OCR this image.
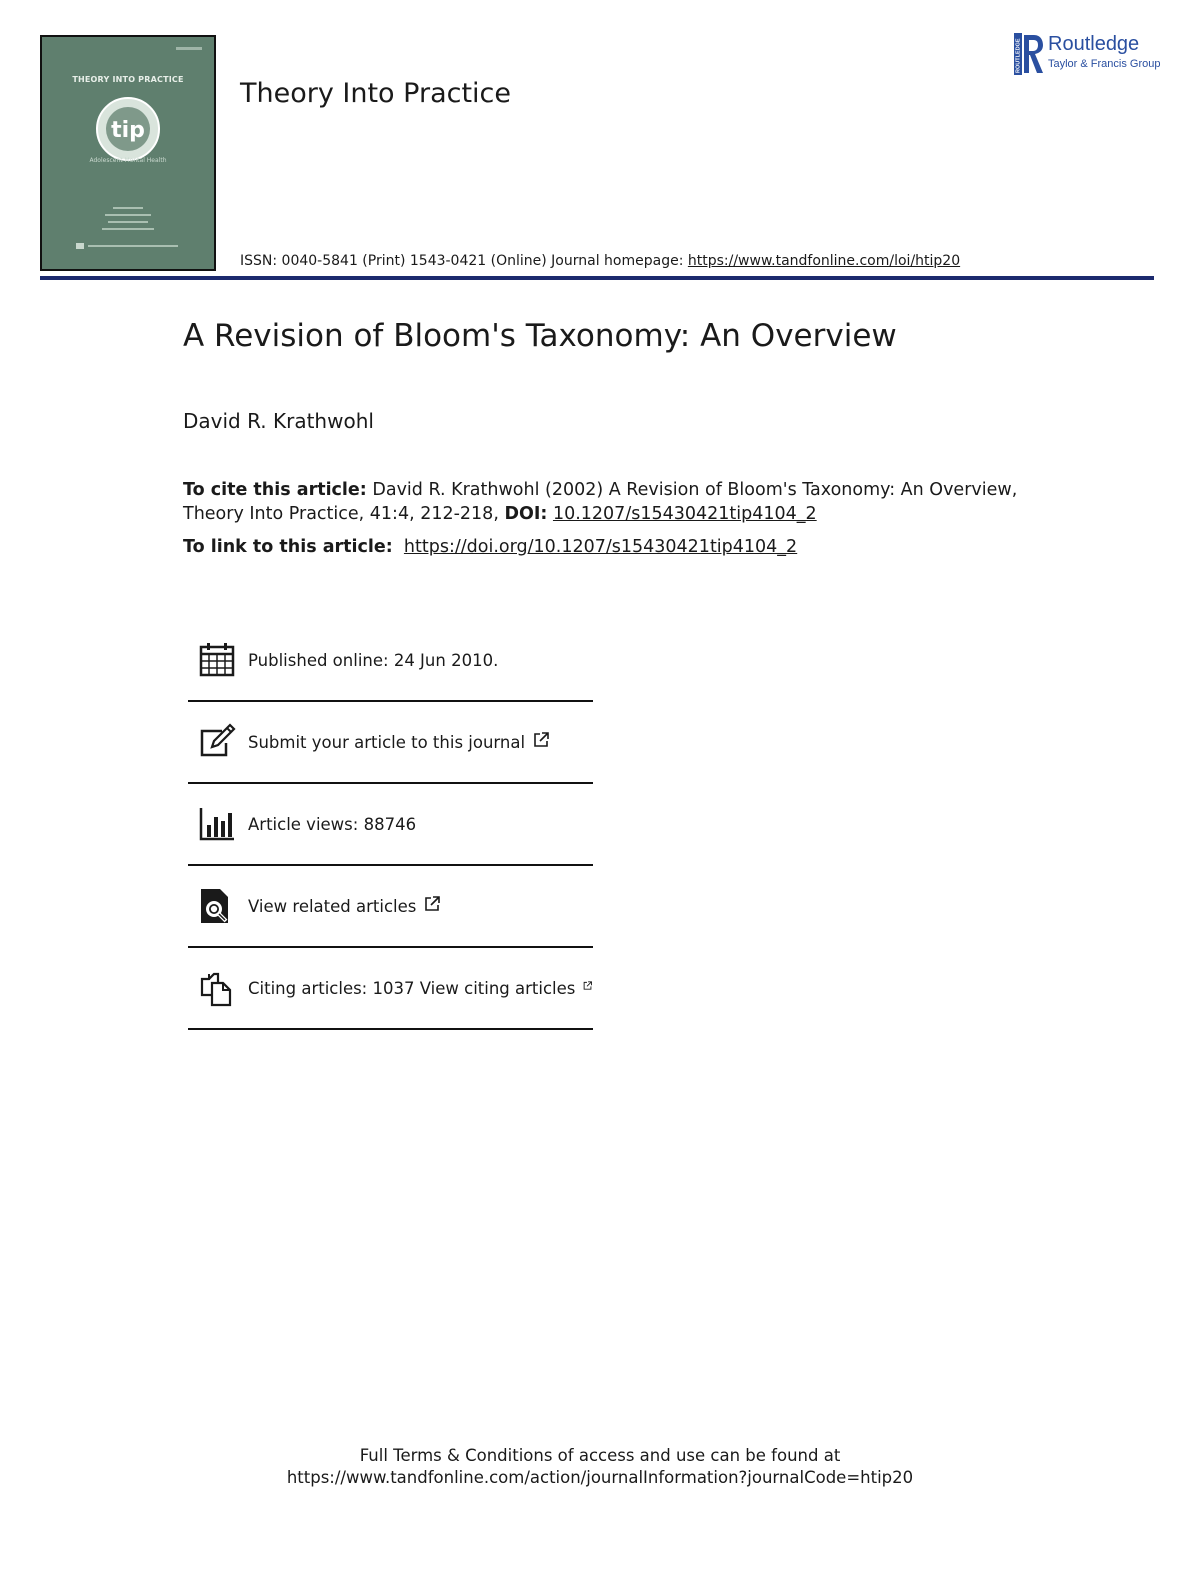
THEORY INTO PRACTICE
tip
Adolescent Mental Health
Theory Into Practice
ROUTLEDGE Routledge
Taylor & Francis Group
ISSN: 0040-5841 (Print) 1543-0421 (Online) Journal homepage: https://www.tandfonline.com/loi/htip20
A Revision of Bloom's Taxonomy: An Overview
David R. Krathwohl
To cite this article: David R. Krathwohl (2002) A Revision of Bloom's Taxonomy: An Overview, Theory Into Practice, 41:4, 212-218, DOI: 10.1207/s15430421tip4104_2
To link to this article: https://doi.org/10.1207/s15430421tip4104_2
Published online: 24 Jun 2010.
Submit your article to this journal
Article views: 88746
View related articles
Citing articles: 1037 View citing articles
Full Terms & Conditions of access and use can be found at
https://www.tandfonline.com/action/journalInformation?journalCode=htip20
